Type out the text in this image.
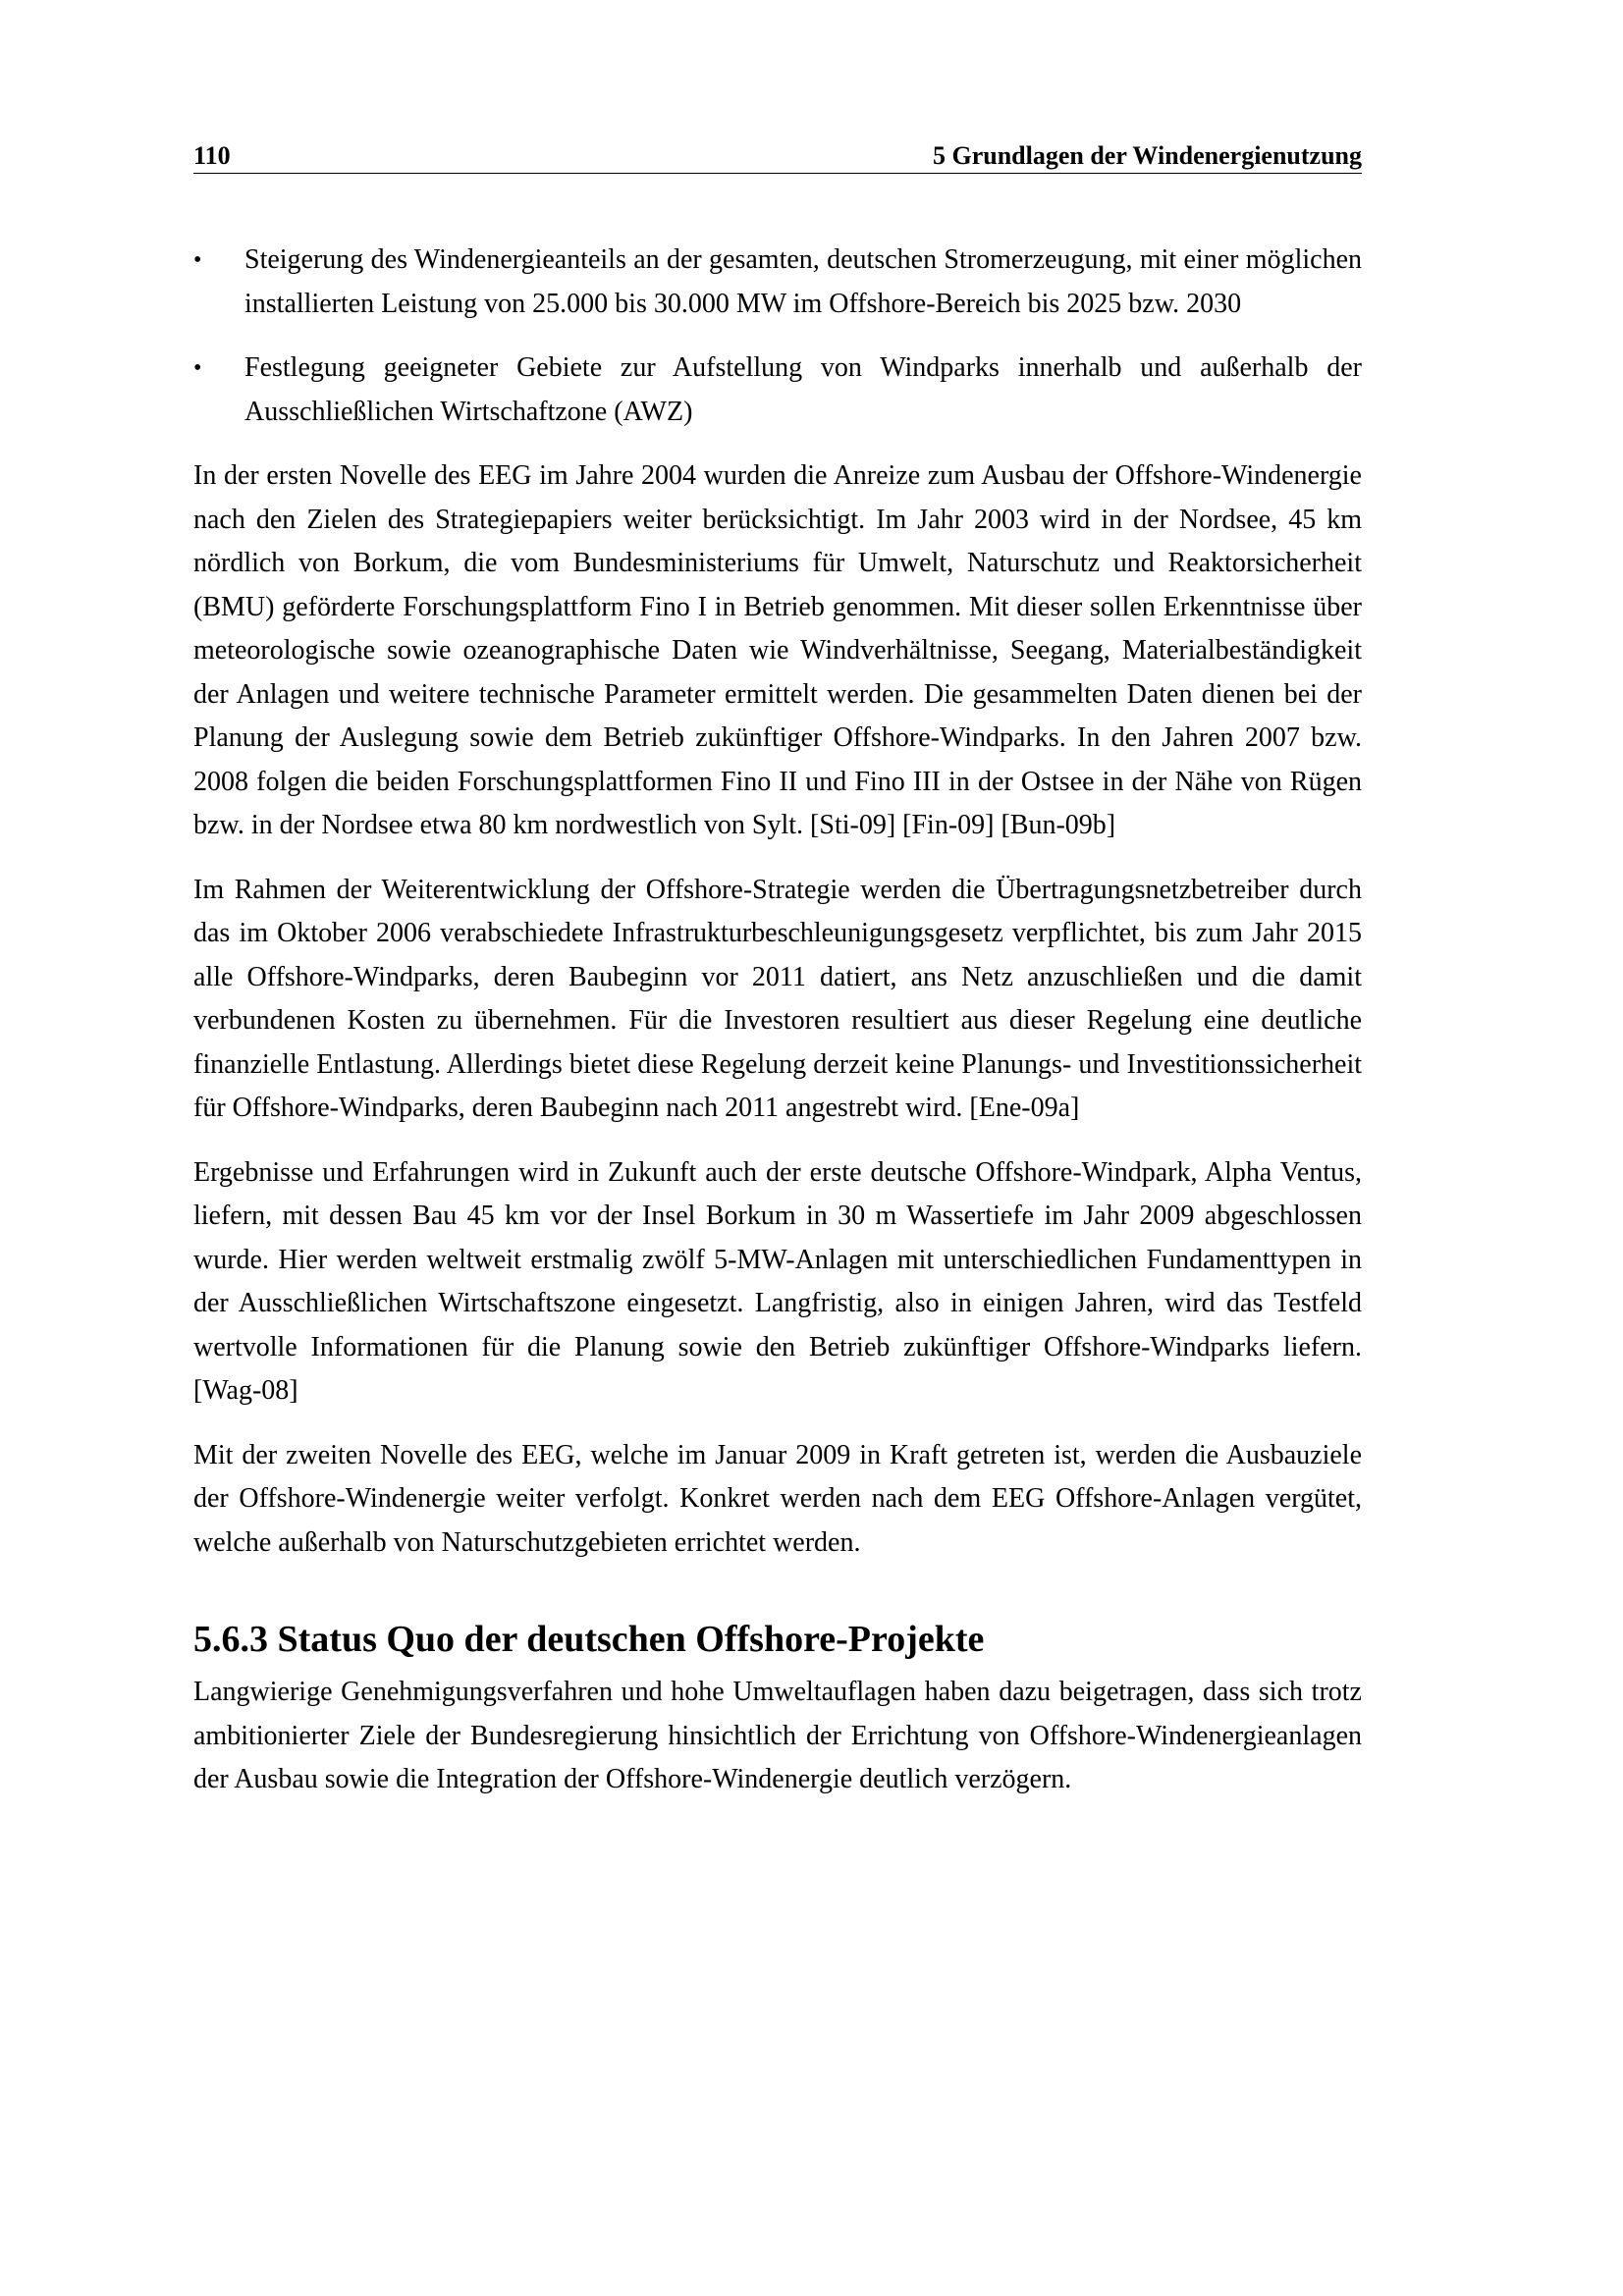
110	5 Grundlagen der Windenergienutzung
•	Steigerung des Windenergieanteils an der gesamten, deutschen Stromerzeugung, mit einer möglichen installierten Leistung von 25.000 bis 30.000 MW im Offshore-Bereich bis 2025 bzw. 2030
•	Festlegung geeigneter Gebiete zur Aufstellung von Windparks innerhalb und außerhalb der Ausschließlichen Wirtschaftzone (AWZ)

In der ersten Novelle des EEG im Jahre 2004 wurden die Anreize zum Ausbau der Offshore-Windenergie nach den Zielen des Strategiepapiers weiter berücksichtigt. Im Jahr 2003 wird in der Nordsee, 45 km nördlich von Borkum, die vom Bundesministeriums für Umwelt, Naturschutz und Reaktorsicherheit (BMU) geförderte Forschungsplattform Fino I in Betrieb genommen. Mit dieser sollen Erkenntnisse über meteorologische sowie ozeanographische Daten wie Windverhältnisse, Seegang, Materialbeständigkeit der Anlagen und weitere technische Parameter ermittelt werden. Die gesammelten Daten dienen bei der Planung der Auslegung sowie dem Betrieb zukünftiger Offshore-Windparks. In den Jahren 2007 bzw. 2008 folgen die beiden Forschungsplattformen Fino II und Fino III in der Ostsee in der Nähe von Rügen bzw. in der Nordsee etwa 80 km nordwestlich von Sylt. [Sti-09] [Fin-09] [Bun-09b]

Im Rahmen der Weiterentwicklung der Offshore-Strategie werden die Übertragungsnetzbetreiber durch das im Oktober 2006 verabschiedete Infrastrukturbeschleunigungsgesetz verpflichtet, bis zum Jahr 2015 alle Offshore-Windparks, deren Baubeginn vor 2011 datiert, ans Netz anzuschließen und die damit verbundenen Kosten zu übernehmen. Für die Investoren resultiert aus dieser Regelung eine deutliche finanzielle Entlastung. Allerdings bietet diese Regelung derzeit keine Planungs- und Investitionssicherheit für Offshore-Windparks, deren Baubeginn nach 2011 angestrebt wird. [Ene-09a]

Ergebnisse und Erfahrungen wird in Zukunft auch der erste deutsche Offshore-Windpark, Alpha Ventus, liefern, mit dessen Bau 45 km vor der Insel Borkum in 30 m Wassertiefe im Jahr 2009 abgeschlossen wurde. Hier werden weltweit erstmalig zwölf 5-MW-Anlagen mit unterschiedlichen Fundamenttypen in der Ausschließlichen Wirtschaftszone eingesetzt. Langfristig, also in einigen Jahren, wird das Testfeld wertvolle Informationen für die Planung sowie den Betrieb zukünftiger Offshore-Windparks liefern. [Wag-08]

Mit der zweiten Novelle des EEG, welche im Januar 2009 in Kraft getreten ist, werden die Ausbauziele der Offshore-Windenergie weiter verfolgt. Konkret werden nach dem EEG Offshore-Anlagen vergütet, welche außerhalb von Naturschutzgebieten errichtet werden.

5.6.3 Status Quo der deutschen Offshore-Projekte

Langwierige Genehmigungsverfahren und hohe Umweltauflagen haben dazu beigetragen, dass sich trotz ambitionierter Ziele der Bundesregierung hinsichtlich der Errichtung von Offshore-Windenergieanlagen der Ausbau sowie die Integration der Offshore-Windenergie deutlich verzögern.
